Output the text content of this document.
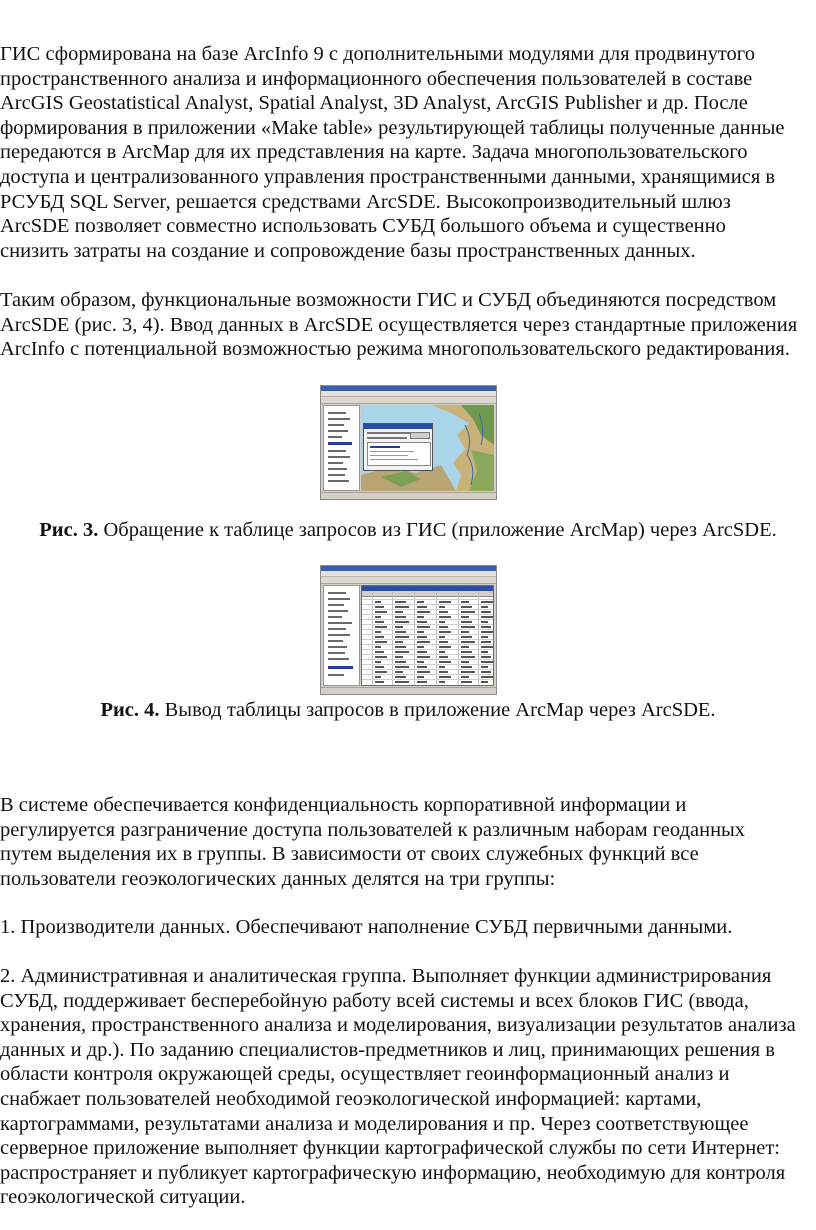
ГИС сформирована на базе ArcInfo 9 с дополнительными модулями для продвинутого
пространственного анализа и информационного обеспечения пользователей в составе
ArcGIS Geostatistical Analyst, Spatial Analyst, 3D Analyst, ArcGIS Publisher и др. После
формирования в приложении «Make table» результирующей таблицы полученные данные
передаются в ArcMap для их представления на карте. Задача многопользовательского
доступа и централизованного управления пространственными данными, хранящимися в
РСУБД SQL Server, решается средствами ArcSDE. Высокопроизводительный шлюз
ArcSDE позволяет совместно использовать СУБД большого объема и существенно
снизить затраты на создание и сопровождение базы пространственных данных.
Таким образом, функциональные возможности ГИС и СУБД объединяются посредством
ArcSDE (рис. 3, 4). Ввод данных в ArcSDE осуществляется через стандартные приложения
ArcInfo с потенциальной возможностью режима многопользовательского редактирования.

Рис. 3. Обращение к таблице запросов из ГИС (приложение ArcMap) через ArcSDE.

Рис. 4. Вывод таблицы запросов в приложение ArcMap через ArcSDE.

В системе обеспечивается конфиденциальность корпоративной информации и
регулируется разграничение доступа пользователей к различным наборам геоданных
путем выделения их в группы. В зависимости от своих служебных функций все
пользователи геоэкологических данных делятся на три группы:
1. Производители данных. Обеспечивают наполнение СУБД первичными данными.
2. Административная и аналитическая группа. Выполняет функции администрирования
СУБД, поддерживает бесперебойную работу всей системы и всех блоков ГИС (ввода,
хранения, пространственного анализа и моделирования, визуализации результатов анализа
данных и др.). По заданию специалистов-предметников и лиц, принимающих решения в
области контроля окружающей среды, осуществляет геоинформационный анализ и
снабжает пользователей необходимой геоэкологической информацией: картами,
картограммами, результатами анализа и моделирования и пр. Через соответствующее
серверное приложение выполняет функции картографической службы по сети Интернет:
распространяет и публикует картографическую информацию, необходимую для контроля
геоэкологической ситуации.
